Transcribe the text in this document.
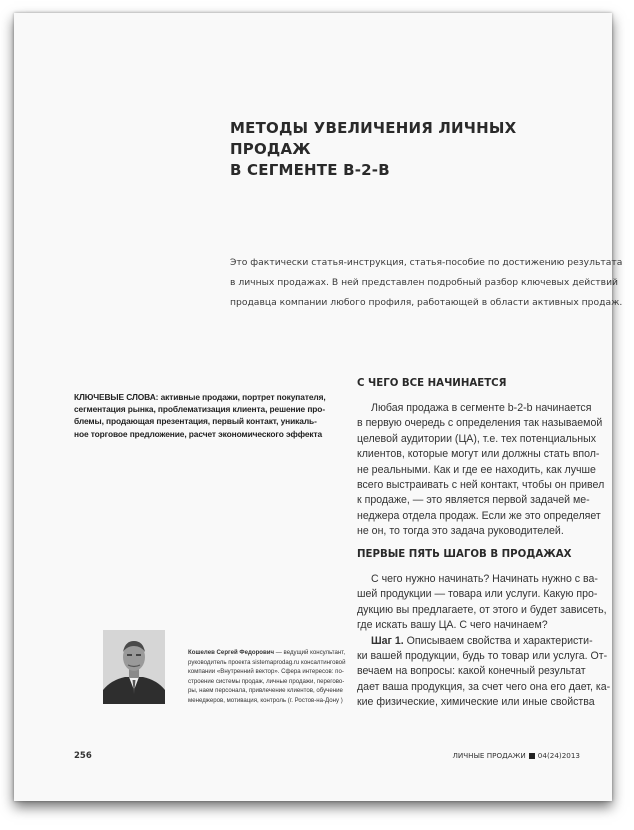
МЕТОДЫ УВЕЛИЧЕНИЯ ЛИЧНЫХ ПРОДАЖ
В СЕГМЕНТЕ B-2-B
Это фактически статья-инструкция, статья-пособие по достижению результата
в личных продажах. В ней представлен подробный разбор ключевых действий
продавца компании любого профиля, работающей в области активных продаж.
КЛЮЧЕВЫЕ СЛОВА: активные продажи, портрет покупателя,
сегментация рынка, проблематизация клиента, решение про-
блемы, продающая презентация, первый контакт, уникаль-
ное торговое предложение, расчет экономического эффекта
С ЧЕГО ВСЕ НАЧИНАЕТСЯ
Любая продажа в сегменте b-2-b начинается
в первую очередь с определения так называемой
целевой аудитории (ЦА), т.е. тех потенциальных
клиентов, которые могут или должны стать впол-
не реальными. Как и где ее находить, как лучше
всего выстраивать с ней контакт, чтобы он привел
к продаже, — это является первой задачей ме-
неджера отдела продаж. Если же это определяет
не он, то тогда это задача руководителей.
ПЕРВЫЕ ПЯТЬ ШАГОВ В ПРОДАЖАХ
С чего нужно начинать? Начинать нужно с ва-
шей продукции — товара или услуги. Какую про-
дукцию вы предлагаете, от этого и будет зависеть,
где искать вашу ЦА. С чего начинаем?
Шаг 1. Описываем свойства и характеристи-
ки вашей продукции, будь то товар или услуга. От-
вечаем на вопросы: какой конечный результат
дает ваша продукция, за счет чего она его дает, ка-
кие физические, химические или иные свойства
Кошелев Сергей Федорович — ведущий консультант,
руководитель проекта sistemaprodag.ru консалтинговой
компании «Внутренний вектор». Сфера интересов: по-
строение системы продаж, личные продажи, перегово-
ры, наем персонала, привлечение клиентов, обучение
менеджеров, мотивация, контроль (г. Ростов-на-Дону )
256	ЛИЧНЫЕ ПРОДАЖИ 04(24)2013
